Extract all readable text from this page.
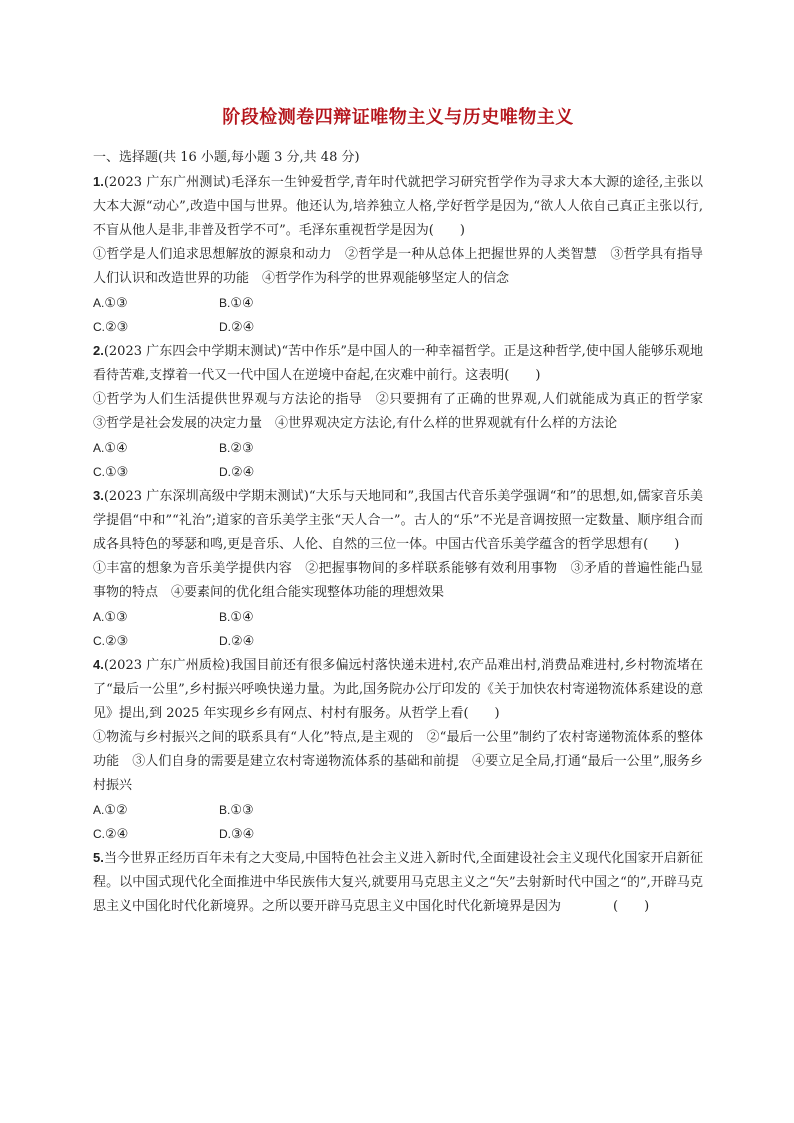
阶段检测卷四辩证唯物主义与历史唯物主义
一、选择题(共 16 小题,每小题 3 分,共 48 分)

1.(2023 广东广州测试)毛泽东一生钟爱哲学,青年时代就把学习研究哲学作为寻求大本大源的途径,主张以大本大源“动心”,改造中国与世界。他还认为,培养独立人格,学好哲学是因为,“欲人人依自己真正主张以行,不盲从他人是非,非普及哲学不可”。毛泽东重视哲学是因为(　　)

①哲学是人们追求思想解放的源泉和动力　②哲学是一种从总体上把握世界的人类智慧　③哲学具有指导人们认识和改造世界的功能　④哲学作为科学的世界观能够坚定人的信念

A.①③	B.①④
C.②③	D.②④

2.(2023 广东四会中学期末测试)“苦中作乐”是中国人的一种幸福哲学。正是这种哲学,使中国人能够乐观地看待苦难,支撑着一代又一代中国人在逆境中奋起,在灾难中前行。这表明(　　)

①哲学为人们生活提供世界观与方法论的指导　②只要拥有了正确的世界观,人们就能成为真正的哲学家　③哲学是社会发展的决定力量　④世界观决定方法论,有什么样的世界观就有什么样的方法论

A.①④	B.②③
C.①③	D.②④

3.(2023 广东深圳高级中学期末测试)“大乐与天地同和”,我国古代音乐美学强调“和”的思想,如,儒家音乐美学提倡“中和”“礼治”;道家的音乐美学主张“天人合一”。古人的“乐”不光是音调按照一定数量、顺序组合而成各具特色的琴瑟和鸣,更是音乐、人伦、自然的三位一体。中国古代音乐美学蕴含的哲学思想有(　　)

①丰富的想象为音乐美学提供内容　②把握事物间的多样联系能够有效利用事物　③矛盾的普遍性能凸显事物的特点　④要素间的优化组合能实现整体功能的理想效果

A.①③	B.①④
C.②③	D.②④

4.(2023 广东广州质检)我国目前还有很多偏远村落快递未进村,农产品难出村,消费品难进村,乡村物流堵在了“最后一公里”,乡村振兴呼唤快递力量。为此,国务院办公厅印发的《关于加快农村寄递物流体系建设的意见》提出,到 2025 年实现乡乡有网点、村村有服务。从哲学上看(　　)

①物流与乡村振兴之间的联系具有“人化”特点,是主观的　②“最后一公里”制约了农村寄递物流体系的整体功能　③人们自身的需要是建立农村寄递物流体系的基础和前提　④要立足全局,打通“最后一公里”,服务乡村振兴

A.①②	B.①③
C.②④	D.③④

5.当今世界正经历百年未有之大变局,中国特色社会主义进入新时代,全面建设社会主义现代化国家开启新征程。以中国式现代化全面推进中华民族伟大复兴,就要用马克思主义之“矢”去射新时代中国之“的”,开辟马克思主义中国化时代化新境界。之所以要开辟马克思主义中国化时代化新境界是因为　　　　(　　)
